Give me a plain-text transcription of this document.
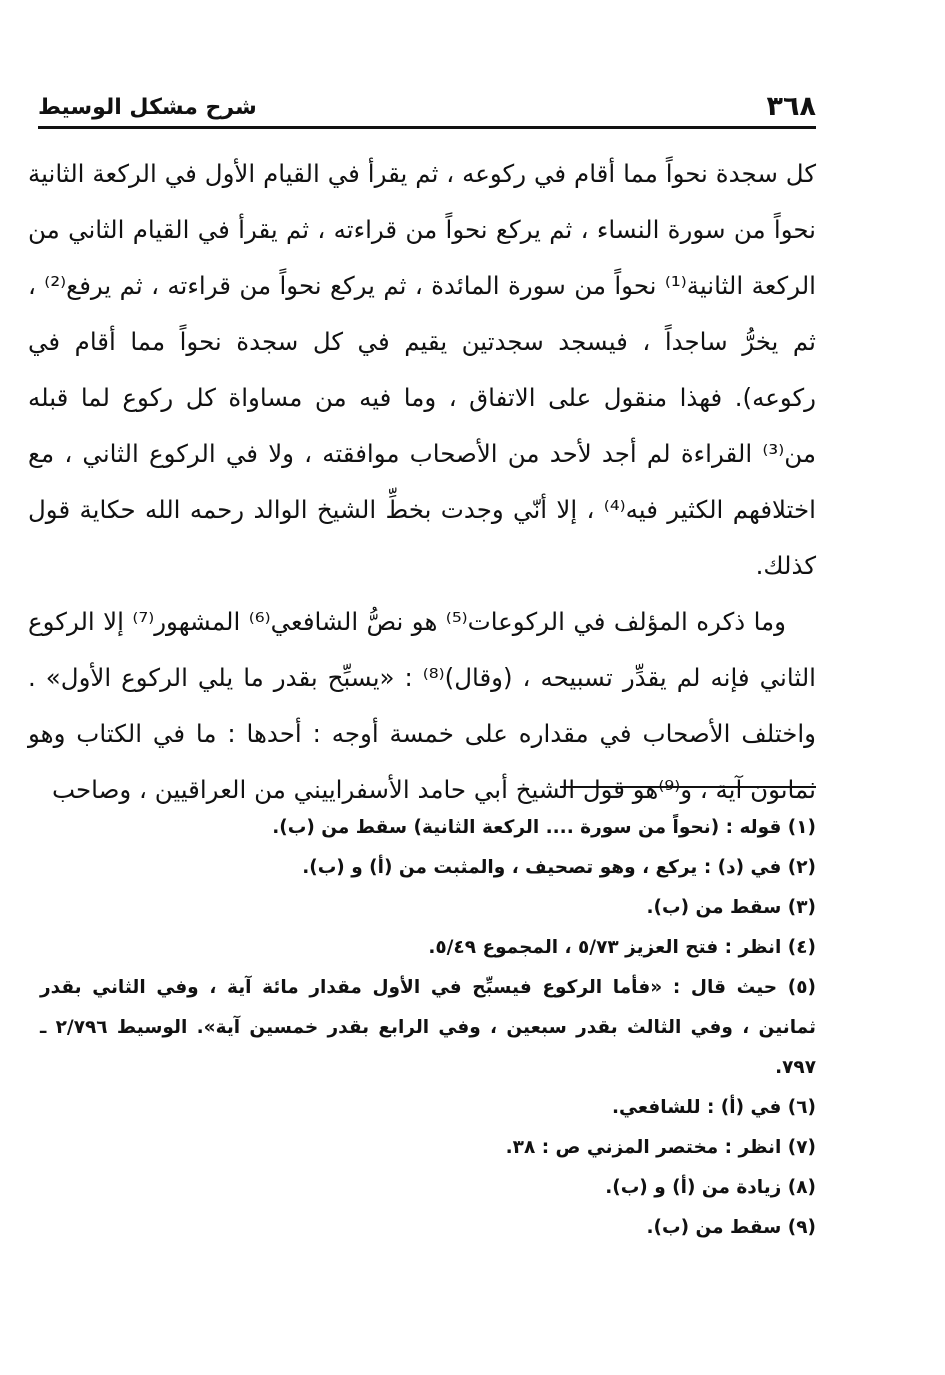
٣٦٨
شرح مشكل الوسيط

كل سجدة نحواً مما أقام في ركوعه ، ثم يقرأ في القيام الأول في الركعة الثانية نحواً من سورة النساء ، ثم يركع نحواً من قراءته ، ثم يقرأ في القيام الثاني من الركعة الثانية⁽¹⁾ نحواً من سورة المائدة ، ثم يركع نحواً من قراءته ، ثم يرفع⁽²⁾ ، ثم يخرُّ ساجداً ، فيسجد سجدتين يقيم في كل سجدة نحواً مما أقام في ركوعه). فهذا منقول على الاتفاق ، وما فيه من مساواة كل ركوع لما قبله من⁽³⁾ القراءة لم أجد لأحد من الأصحاب موافقته ، ولا في الركوع الثاني ، مع اختلافهم الكثير فيه⁽⁴⁾ ، إلا أنّي وجدت بخطِّ الشيخ الوالد رحمه الله حكاية قول كذلك.

وما ذكره المؤلف في الركوعات⁽⁵⁾ هو نصُّ الشافعي⁽⁶⁾ المشهور⁽⁷⁾ إلا الركوع الثاني فإنه لم يقدِّر تسبيحه ، (وقال)⁽⁸⁾ : «يسبِّح بقدر ما يلي الركوع الأول» . واختلف الأصحاب في مقداره على خمسة أوجه : أحدها : ما في الكتاب وهو ثمانون آية ، و⁽⁹⁾هو قول الشيخ أبي حامد الأسفراييني من العراقيين ، وصاحب

(١) قوله : (نحواً من سورة .... الركعة الثانية) سقط من (ب).

(٢) في (د) : يركع ، وهو تصحيف ، والمثبت من (أ) و (ب).

(٣) سقط من (ب).

(٤) انظر : فتح العزيز ٥/٧٣ ، المجموع ٥/٤٩.

(٥) حيث قال : «فأما الركوع فيسبِّح في الأول مقدار مائة آية ، وفي الثاني بقدر ثمانين ، وفي الثالث بقدر سبعين ، وفي الرابع بقدر خمسين آية». الوسيط ٢/٧٩٦ ـ ٧٩٧.

(٦) في (أ) : للشافعي.

(٧) انظر : مختصر المزني ص : ٣٨.

(٨) زيادة من (أ) و (ب).

(٩) سقط من (ب).
